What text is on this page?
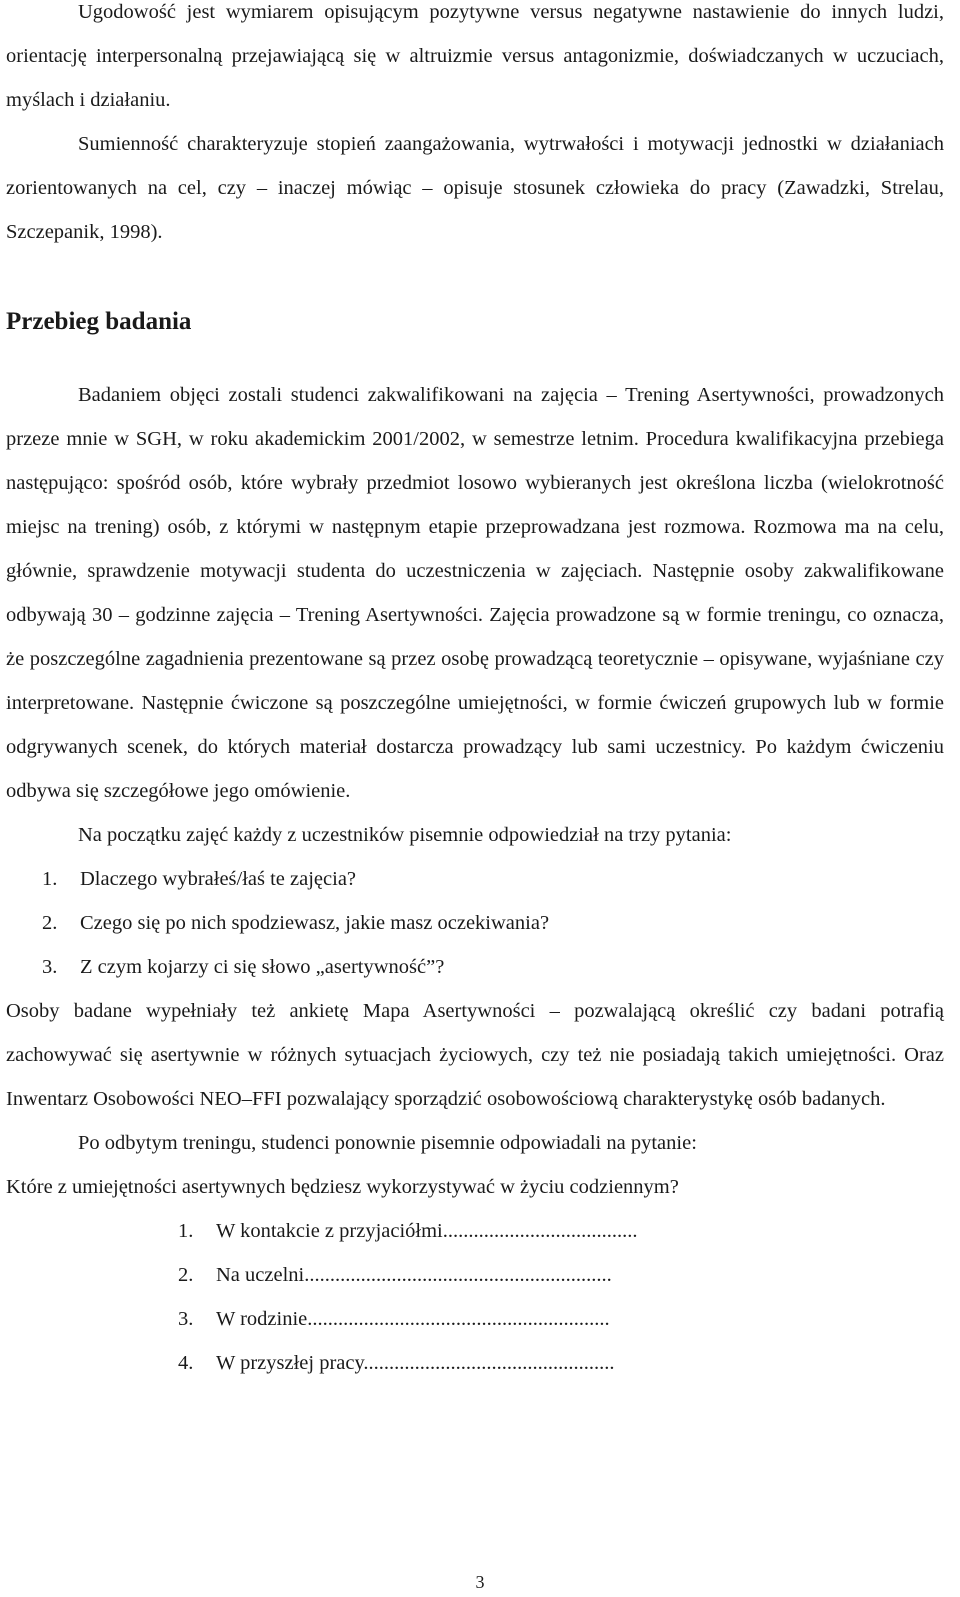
Ugodowość jest wymiarem opisującym pozytywne versus negatywne nastawienie do innych ludzi, orientację interpersonalną przejawiającą się w altruizmie versus antagonizmie, doświadczanych w uczuciach, myślach i działaniu.

Sumienność charakteryzuje stopień zaangażowania, wytrwałości i motywacji jednostki w działaniach zorientowanych na cel, czy – inaczej mówiąc – opisuje stosunek człowieka do pracy (Zawadzki, Strelau, Szczepanik, 1998).

Przebieg badania

Badaniem objęci zostali studenci zakwalifikowani na zajęcia – Trening Asertywności, prowadzonych przeze mnie w SGH, w roku akademickim 2001/2002, w semestrze letnim. Procedura kwalifikacyjna przebiega następująco: spośród osób, które wybrały przedmiot losowo wybieranych jest określona liczba (wielokrotność miejsc na trening) osób, z którymi w następnym etapie przeprowadzana jest rozmowa. Rozmowa ma na celu, głównie, sprawdzenie motywacji studenta do uczestniczenia w zajęciach. Następnie osoby zakwalifikowane odbywają 30 – godzinne zajęcia – Trening Asertywności. Zajęcia prowadzone są w formie treningu, co oznacza, że poszczególne zagadnienia prezentowane są przez osobę prowadzącą teoretycznie – opisywane, wyjaśniane czy interpretowane. Następnie ćwiczone są poszczególne umiejętności, w formie ćwiczeń grupowych lub w formie odgrywanych scenek, do których materiał dostarcza prowadzący lub sami uczestnicy. Po każdym ćwiczeniu odbywa się szczegółowe jego omówienie.

Na początku zajęć każdy z uczestników pisemnie odpowiedział na trzy pytania:

1. Dlaczego wybrałeś/łaś te zajęcia?
2. Czego się po nich spodziewasz, jakie masz oczekiwania?
3. Z czym kojarzy ci się słowo „asertywność”?

Osoby badane wypełniały też ankietę Mapa Asertywności – pozwalającą określić czy badani potrafią zachowywać się asertywnie w różnych sytuacjach życiowych, czy też nie posiadają takich umiejętności. Oraz Inwentarz Osobowości NEO–FFI pozwalający sporządzić osobowościową charakterystykę osób badanych.

Po odbytym treningu, studenci ponownie pisemnie odpowiadali na pytanie:

Które z umiejętności asertywnych będziesz wykorzystywać w życiu codziennym?

1. W kontakcie z przyjaciółmi......................................
2. Na uczelni............................................................
3. W rodzinie...........................................................
4. W przyszłej pracy.................................................
3
